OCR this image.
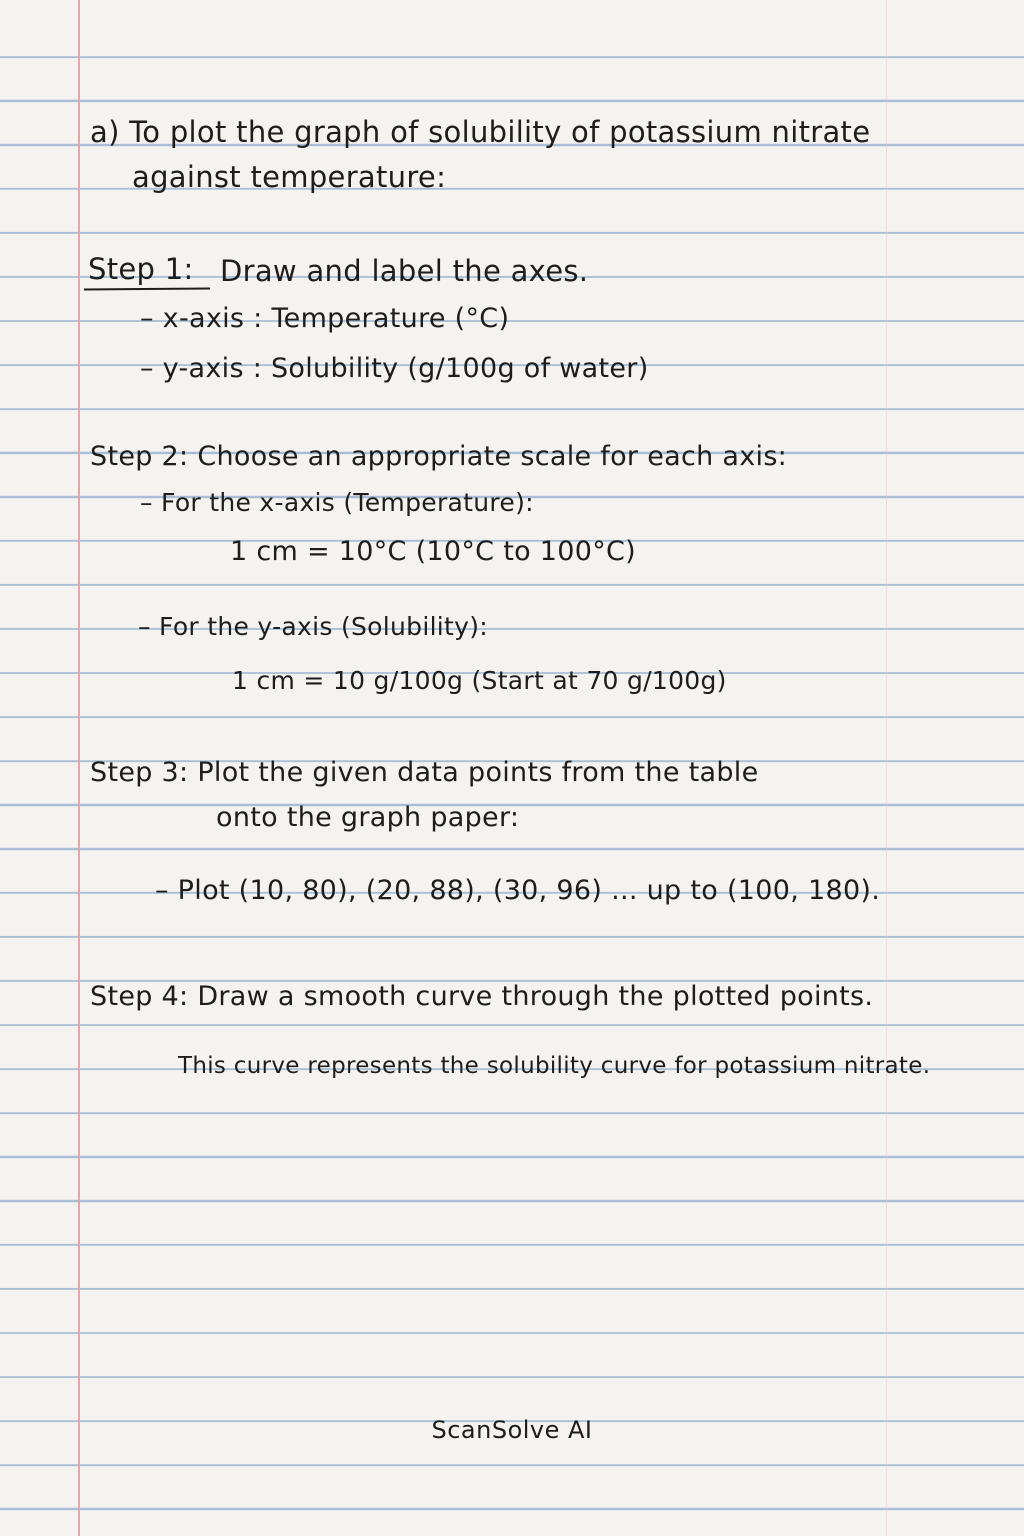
a) To plot the graph of solubility of potassium nitrate
against temperature:
Step 1: Draw and label the axes.
– x-axis : Temperature (°C)
– y-axis : Solubility (g/100g of water)
Step 2: Choose an appropriate scale for each axis:
– For the x-axis (Temperature):
1 cm = 10°C (10°C to 100°C)
– For the y-axis (Solubility):
1 cm = 10 g/100g (Start at 70 g/100g)
Step 3: Plot the given data points from the table
onto the graph paper:
– Plot (10, 80), (20, 88), (30, 96) ... up to (100, 180).
Step 4: Draw a smooth curve through the plotted points.
This curve represents the solubility curve for potassium nitrate.
ScanSolve AI
